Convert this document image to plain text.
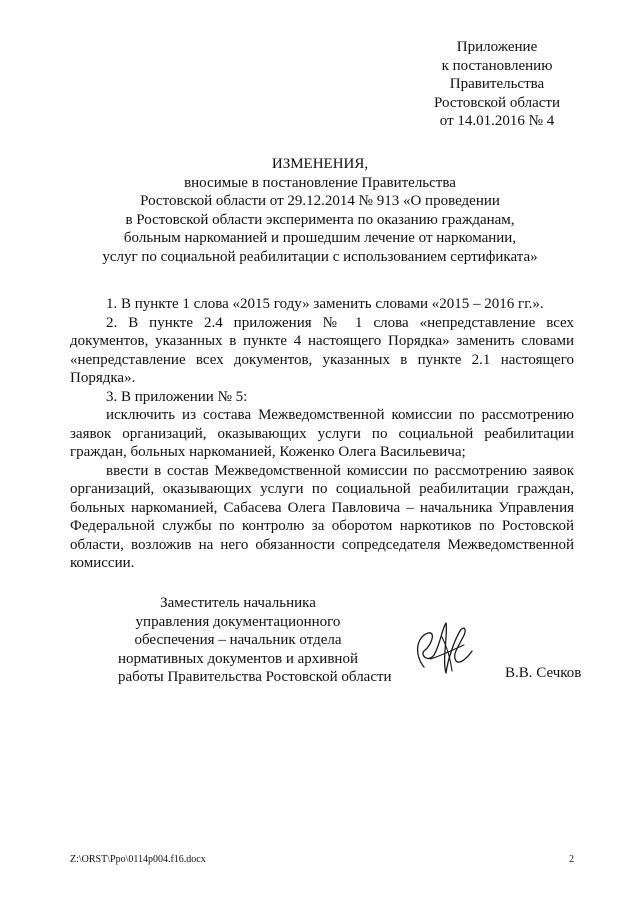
Приложение
к постановлению
Правительства
Ростовской области
от 14.01.2016 № 4
ИЗМЕНЕНИЯ,
вносимые в постановление Правительства
Ростовской области от 29.12.2014 № 913 «О проведении
в Ростовской области эксперимента по оказанию гражданам,
больным наркоманией и прошедшим лечение от наркомании,
услуг по социальной реабилитации с использованием сертификата»

1. В пункте 1 слова «2015 году» заменить словами «2015 – 2016 гг.».

2. В пункте 2.4 приложения № 1 слова «непредставление всех документов, указанных в пункте 4 настоящего Порядка» заменить словами «непредставление всех документов, указанных в пункте 2.1 настоящего Порядка».

3. В приложении № 5:

исключить из состава Межведомственной комиссии по рассмотрению заявок организаций, оказывающих услуги по социальной реабилитации граждан, больных наркоманией, Коженко Олега Васильевича;

ввести в состав Межведомственной комиссии по рассмотрению заявок организаций, оказывающих услуги по социальной реабилитации граждан, больных наркоманией, Сабасева Олега Павловича – начальника Управления Федеральной службы по контролю за оборотом наркотиков по Ростовской области, возложив на него обязанности сопредседателя Межведомственной комиссии.

Заместитель начальника
управления документационного
обеспечения – начальник отдела
нормативных документов и архивной
работы Правительства Ростовской области	В.В. Сечков
Z:\ORST\Ppo\0114p004.f16.docx	2
